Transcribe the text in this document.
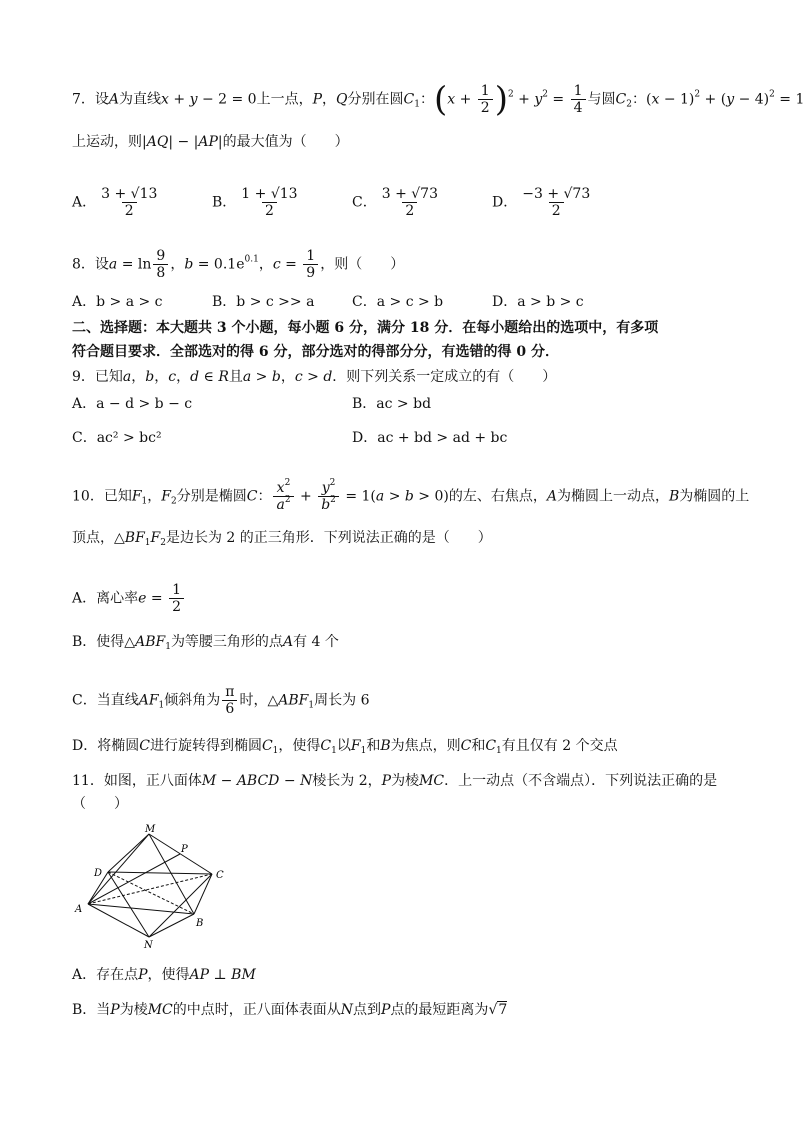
7．设A为直线x + y − 2 = 0上一点，P，Q分别在圆$C_1$：$(x + \frac{1}{2} )^2 + y^2 = \frac{1}{4}$ 与圆$C_2$：$(x - 1)^2 + (y - 4)^2 = 1$
上运动，则|AQ| − |AP|的最大值为（　　）
A． $\frac{3 + √13}{2}$	B． $\frac{1 + √13}{2}$	C． $\frac{3 + √73}{2}$	D． $\frac{-3 + √73}{2}$
8．设$a = \ln \frac{9}{8}$ ，$b = 0.1e^{0.1}$，$c = \frac{1}{9}$ ，则（　　）
A．b > a > c	B．b > c >> a	C．a > c > b	D．a > b > c
二、选择题：本大题共 3 个小题，每小题 6 分，满分 18 分．在每小题给出的选项中，有多项
符合题目要求．全部选对的得 6 分，部分选对的得部分分，有选错的得 0 分．
9．已知a，b，c，d ∈ R且a > b，c > d．则下列关系一定成立的有（　　）
A．a − d > b − c	B．ac > bd
C．ac² > bc²	D．ac + bd > ad + bc
10．已知$F_1$，$F_2$分别是椭圆C： $\frac{x^2}{a^2} + \frac{y^2}{b^2} = 1(a > b > 0)$的左、右焦点，A为椭圆上一动点，B为椭圆的上
顶点，$\triangle BF_1F_2$是边长为 2 的正三角形．下列说法正确的是（　　）
A．离心率$e = \frac{1}{2}$
B．使得$\triangle ABF_1$为等腰三角形的点A有 4 个
C．当直线$AF_1$倾斜角为 $\frac{\pi}{6}$ 时，$\triangle ABF_1$周长为 6
D．将椭圆C进行旋转得到椭圆$C_1$，使得$C_1$以$F_1$和B为焦点，则C和$C_1$有且仅有 2 个交点
11．如图，正八面体M − ABCD − N棱长为 2，P为棱MC．上一动点（不含端点）．下列说法正确的是
（　　）
M
P
D	C
A
B
N
A．存在点P，使得AP ⊥ BM
B．当P为棱MC的中点时，正八面体表面从N点到P点的最短距离为√7
